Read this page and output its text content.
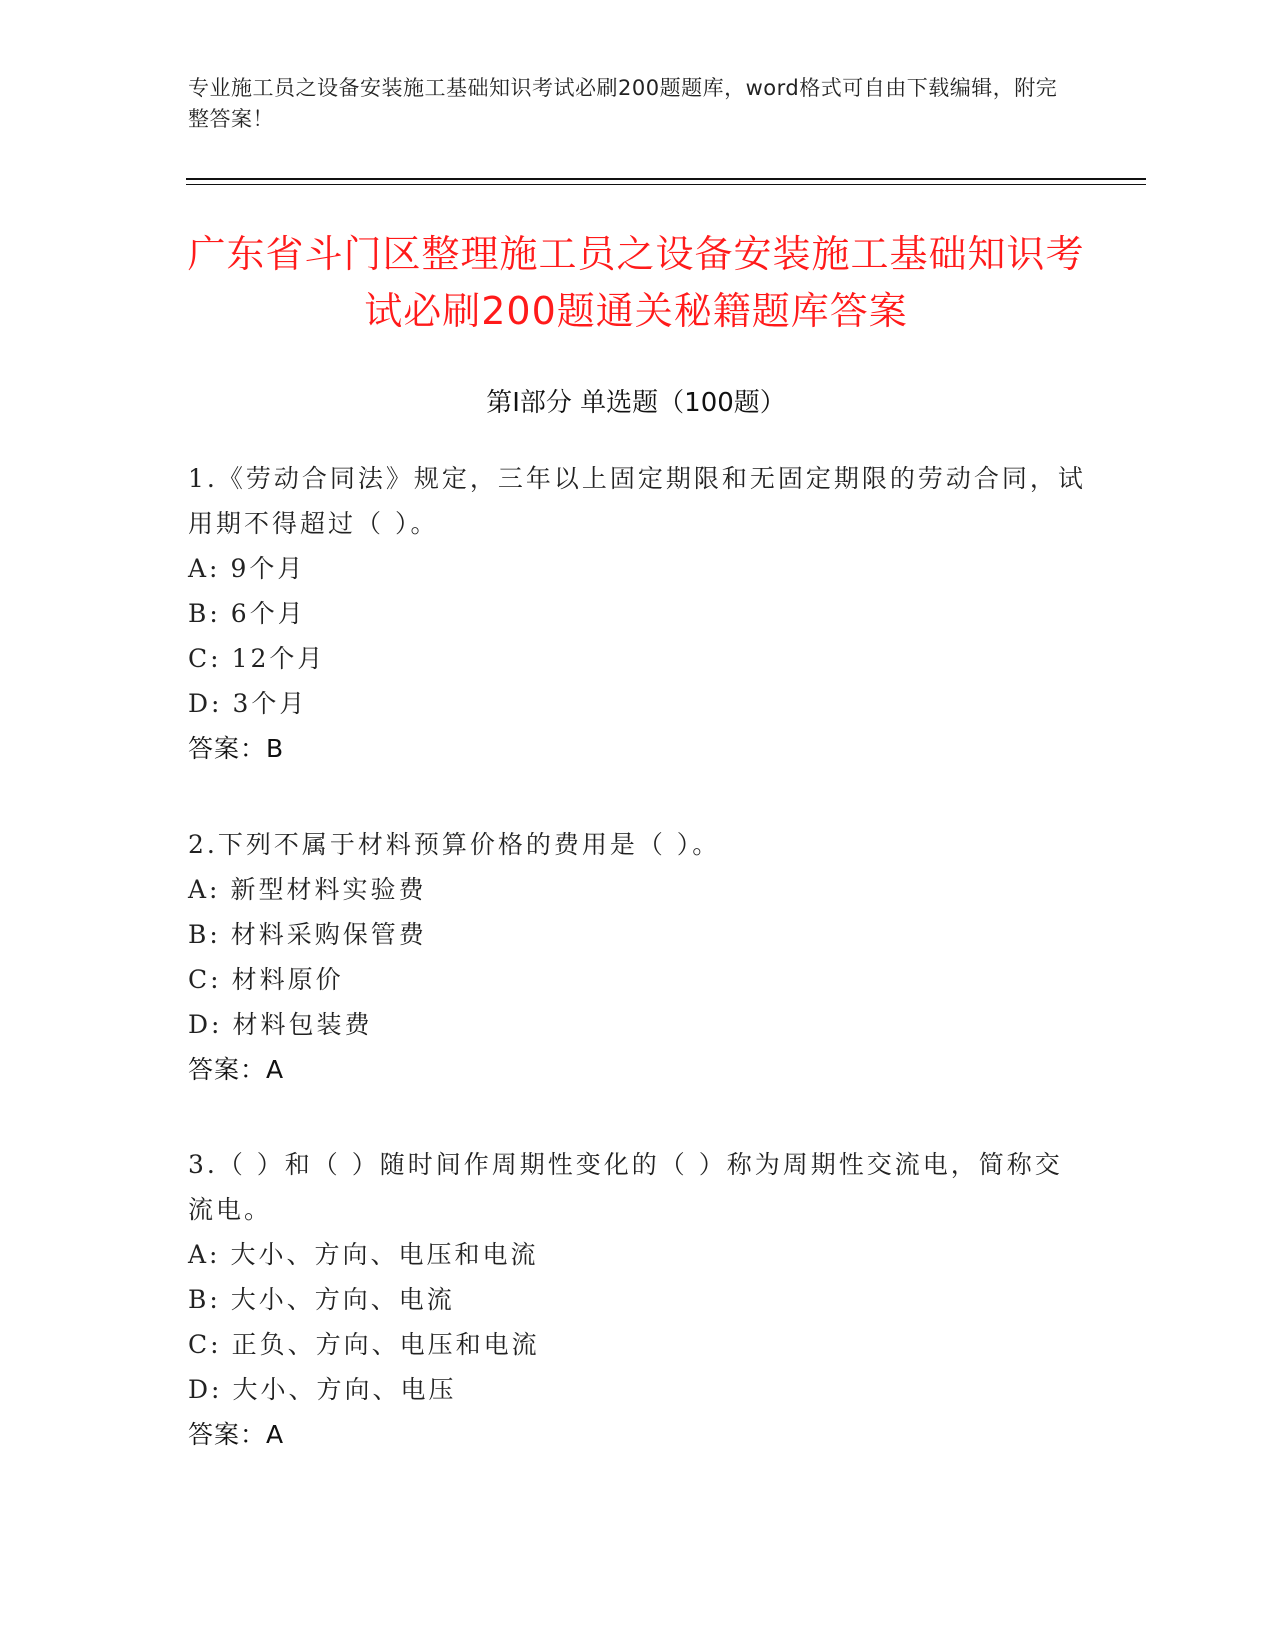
专业施工员之设备安装施工基础知识考试必刷200题题库，word格式可自由下载编辑，附完整答案！
广东省斗门区整理施工员之设备安装施工基础知识考试必刷200题通关秘籍题库答案
第I部分 单选题（100题）
1.《劳动合同法》规定，三年以上固定期限和无固定期限的劳动合同，试用期不得超过（ ）。
A: 9个月
B: 6个月
C: 12个月
D: 3个月
答案：B
2.下列不属于材料预算价格的费用是（ ）。
A: 新型材料实验费
B: 材料采购保管费
C: 材料原价
D: 材料包装费
答案：A
3.（ ）和（ ）随时间作周期性变化的（ ）称为周期性交流电，简称交流电。
A: 大小、方向、电压和电流
B: 大小、方向、电流
C: 正负、方向、电压和电流
D: 大小、方向、电压
答案：A
